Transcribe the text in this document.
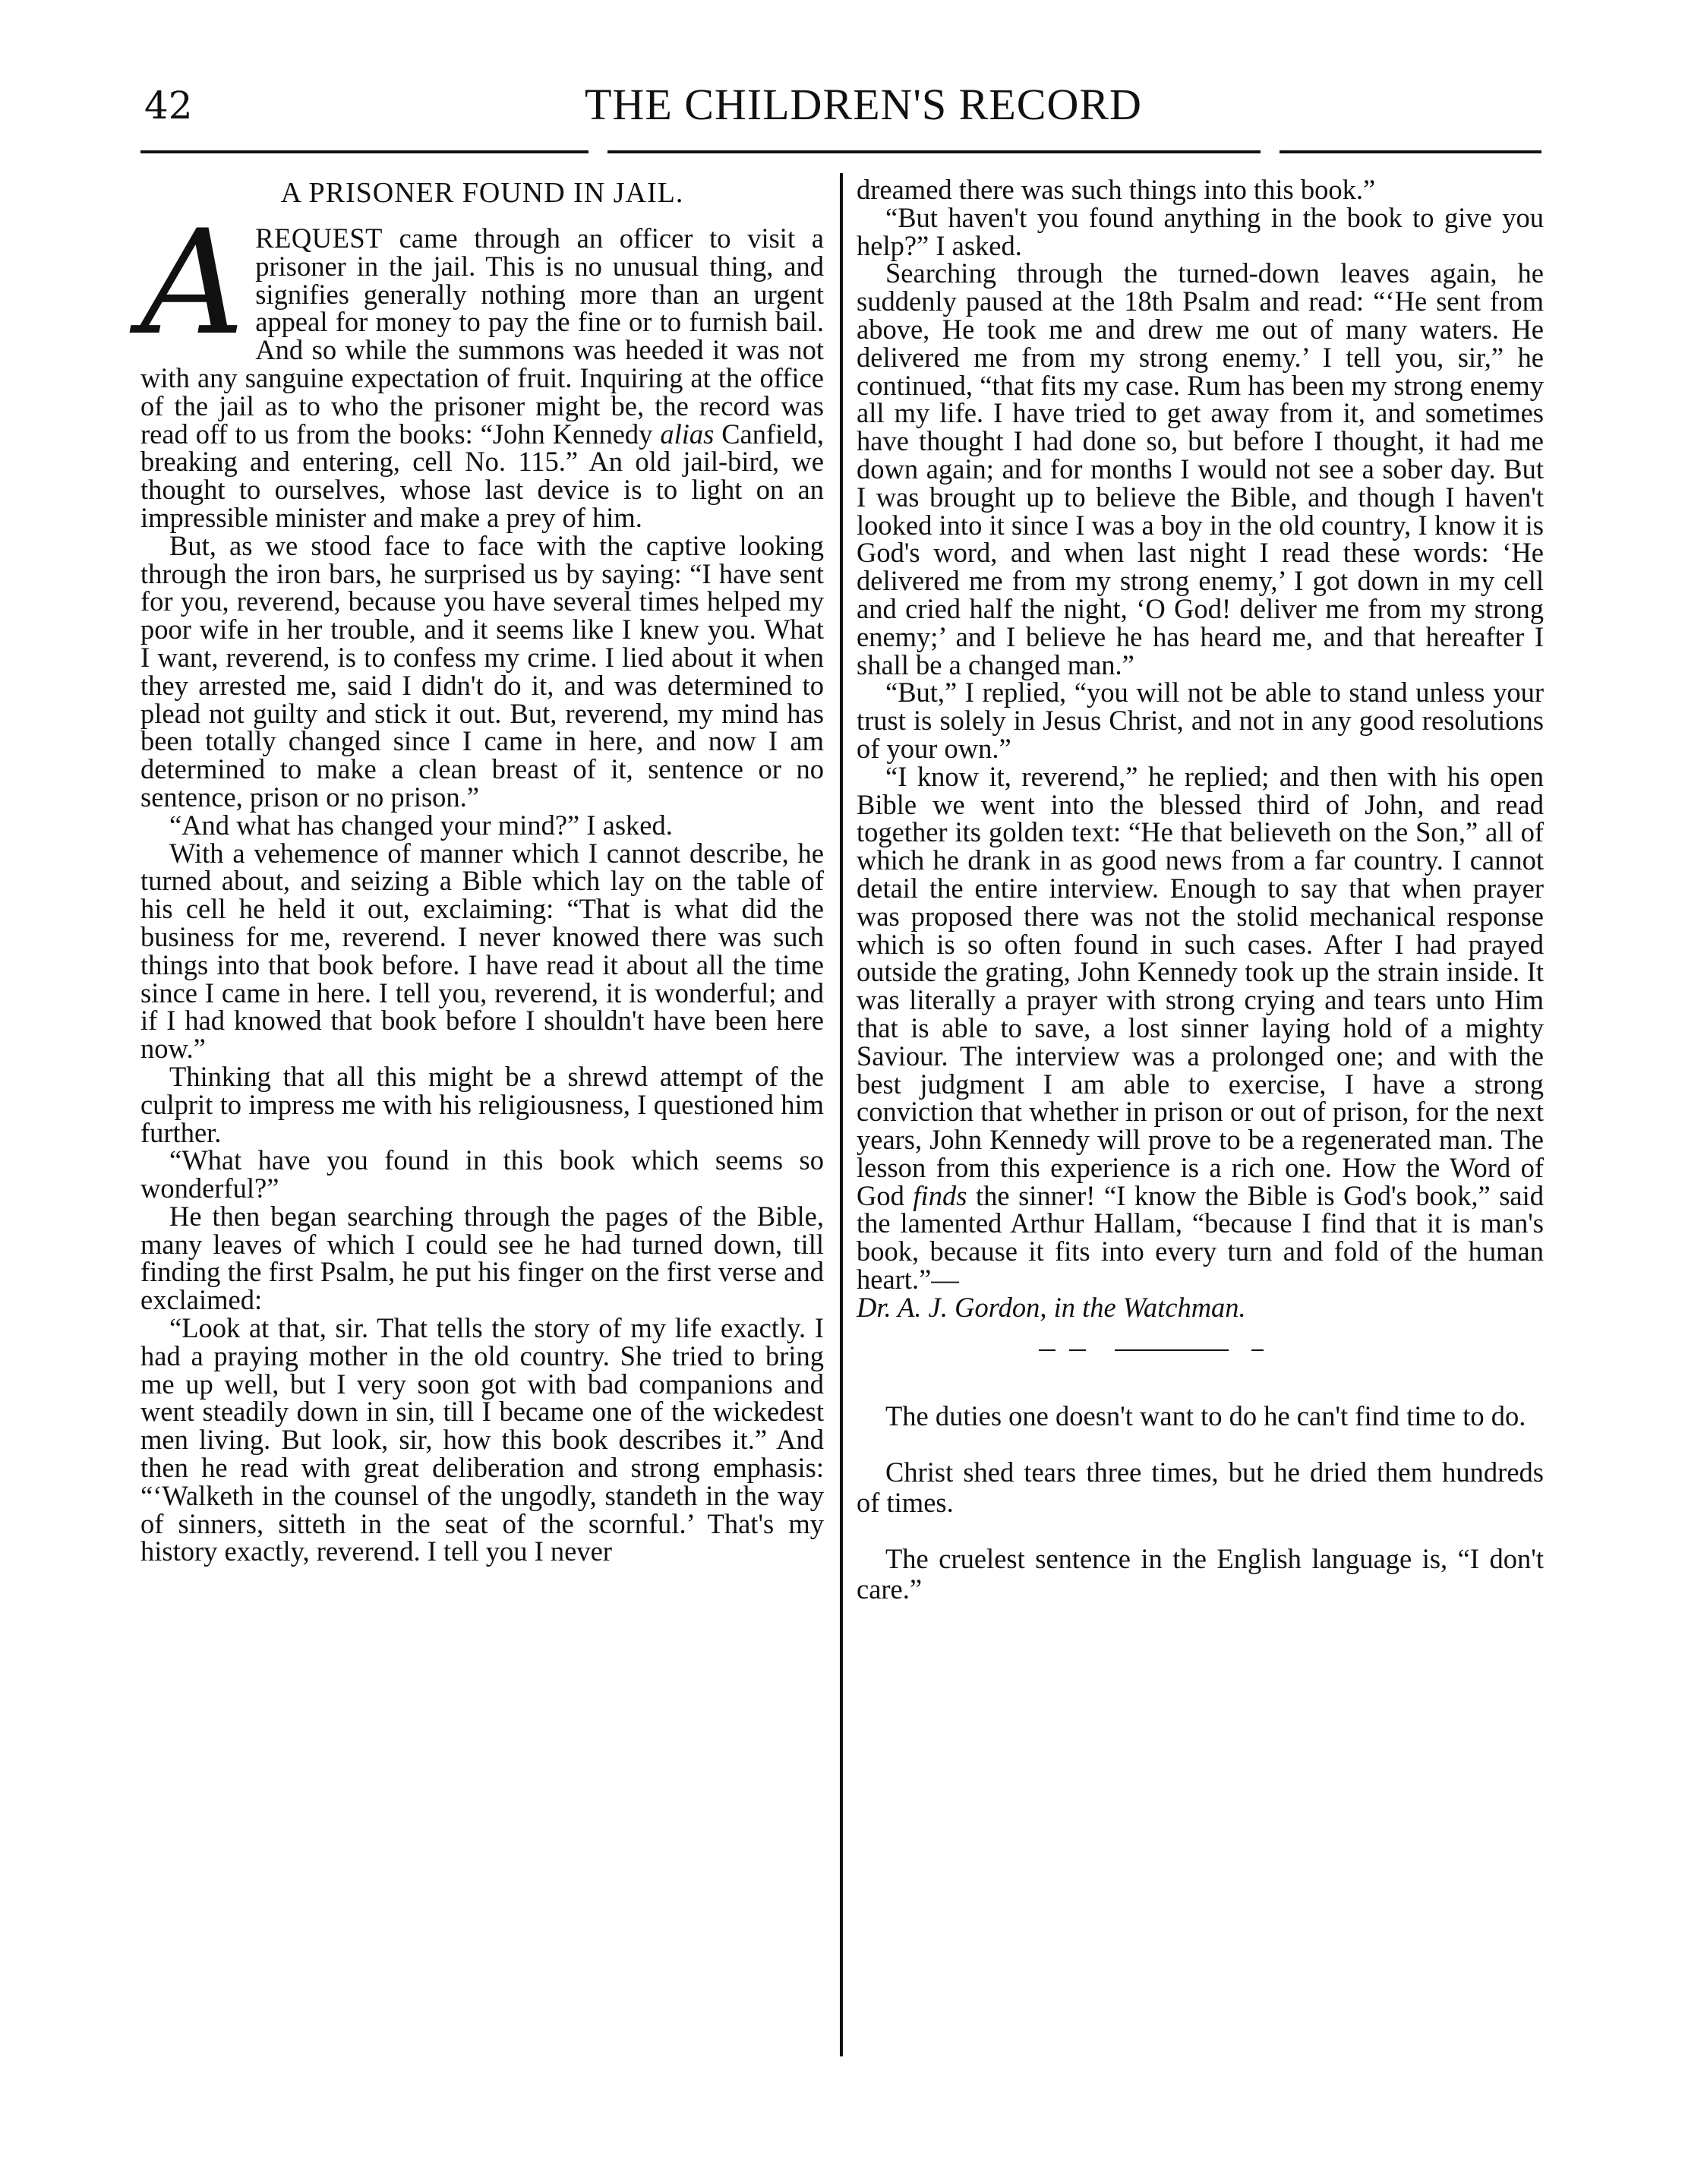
42	THE CHILDREN'S RECORD
A PRISONER FOUND IN JAIL.

AREQUEST came through an officer to visit a prisoner in the jail. This is no unusual thing, and signifies generally nothing more than an urgent appeal for money to pay the fine or to furnish bail. And so while the summons was heeded it was not with any sanguine expectation of fruit. Inquiring at the office of the jail as to who the prisoner might be, the record was read off to us from the books: “John Kennedy alias Canfield, breaking and entering, cell No. 115.” An old jail-bird, we thought to ourselves, whose last device is to light on an impressible minister and make a prey of him.

But, as we stood face to face with the captive looking through the iron bars, he surprised us by saying: “I have sent for you, reverend, because you have several times helped my poor wife in her trouble, and it seems like I knew you. What I want, reverend, is to confess my crime. I lied about it when they arrested me, said I didn't do it, and was determined to plead not guilty and stick it out. But, reverend, my mind has been totally changed since I came in here, and now I am determined to make a clean breast of it, sentence or no sentence, prison or no prison.”

“And what has changed your mind?” I asked.

With a vehemence of manner which I cannot describe, he turned about, and seizing a Bible which lay on the table of his cell he held it out, exclaiming: “That is what did the business for me, reverend. I never knowed there was such things into that book before. I have read it about all the time since I came in here. I tell you, reverend, it is wonderful; and if I had knowed that book before I shouldn't have been here now.”

Thinking that all this might be a shrewd attempt of the culprit to impress me with his religiousness, I questioned him further.

“What have you found in this book which seems so wonderful?”

He then began searching through the pages of the Bible, many leaves of which I could see he had turned down, till finding the first Psalm, he put his finger on the first verse and exclaimed:

“Look at that, sir. That tells the story of my life exactly. I had a praying mother in the old country. She tried to bring me up well, but I very soon got with bad companions and went steadily down in sin, till I became one of the wickedest men living. But look, sir, how this book describes it.” And then he read with great deliberation and strong emphasis: “‘Walketh in the counsel of the ungodly, standeth in the way of sinners, sitteth in the seat of the scornful.’ That's my history exactly, reverend. I tell you I never

dreamed there was such things into this book.”

“But haven't you found anything in the book to give you help?” I asked.

Searching through the turned-down leaves again, he suddenly paused at the 18th Psalm and read: “‘He sent from above, He took me and drew me out of many waters. He delivered me from my strong enemy.’ I tell you, sir,” he continued, “that fits my case. Rum has been my strong enemy all my life. I have tried to get away from it, and sometimes have thought I had done so, but before I thought, it had me down again; and for months I would not see a sober day. But I was brought up to believe the Bible, and though I haven't looked into it since I was a boy in the old country, I know it is God's word, and when last night I read these words: ‘He delivered me from my strong enemy,’ I got down in my cell and cried half the night, ‘O God! deliver me from my strong enemy;’ and I believe he has heard me, and that hereafter I shall be a changed man.”

“But,” I replied, “you will not be able to stand unless your trust is solely in Jesus Christ, and not in any good resolutions of your own.”

“I know it, reverend,” he replied; and then with his open Bible we went into the blessed third of John, and read together its golden text: “He that believeth on the Son,” all of which he drank in as good news from a far country. I cannot detail the entire interview. Enough to say that when prayer was proposed there was not the stolid mechanical response which is so often found in such cases. After I had prayed outside the grating, John Kennedy took up the strain inside. It was literally a prayer with strong crying and tears unto Him that is able to save, a lost sinner laying hold of a mighty Saviour. The interview was a prolonged one; and with the best judgment I am able to exercise, I have a strong conviction that whether in prison or out of prison, for the next years, John Kennedy will prove to be a regenerated man. The lesson from this experience is a rich one. How the Word of God finds the sinner! “I know the Bible is God's book,” said the lamented Arthur Hallam, “because I find that it is man's book, because it fits into every turn and fold of the human heart.”—

Dr. A. J. Gordon, in the Watchman.

The duties one doesn't want to do he can't find time to do.

Christ shed tears three times, but he dried them hundreds of times.

The cruelest sentence in the English language is, “I don't care.”
